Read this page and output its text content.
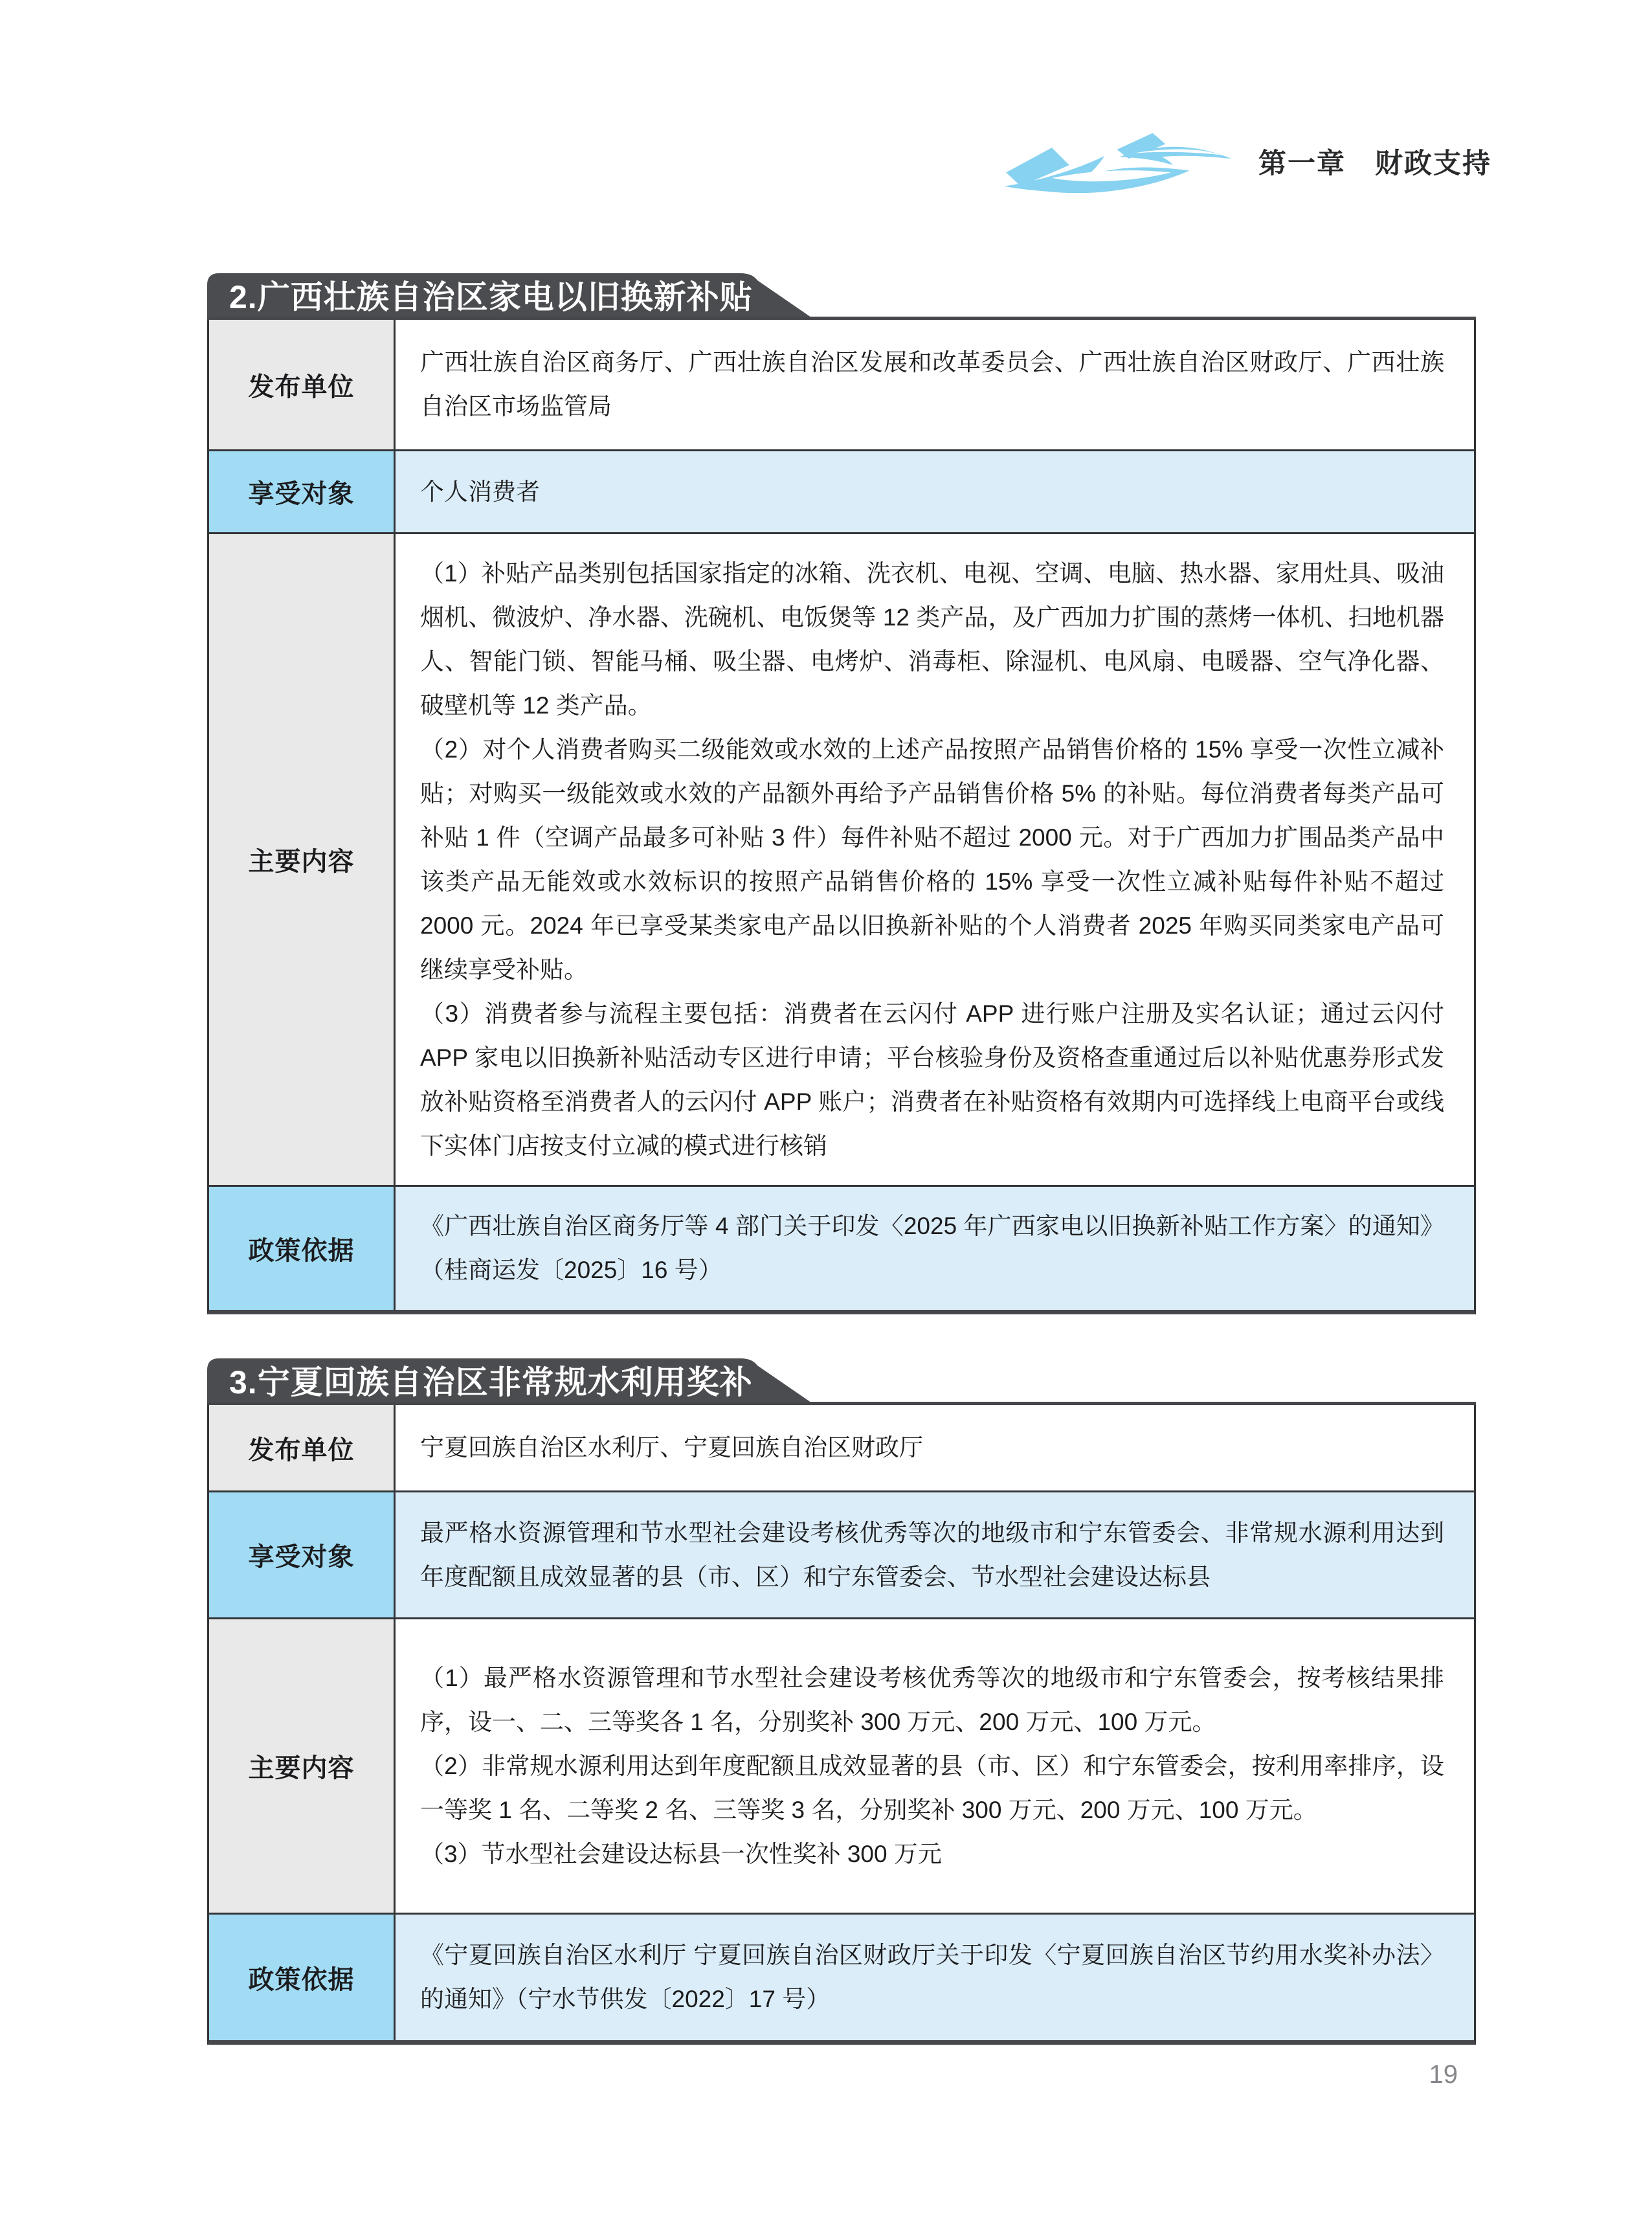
第一章　财政支持
2.广西壮族自治区家电以旧换新补贴
发布单位

广西壮族自治区商务厅、广西壮族自治区发展和改革委员会、广西壮族自治区财政厅、广西壮族自治区市场监管局

享受对象	个人消费者

主要内容

（1）补贴产品类别包括国家指定的冰箱、洗衣机、电视、空调、电脑、热水器、家用灶具、吸油烟机、微波炉、净水器、洗碗机、电饭煲等 12 类产品，及广西加力扩围的蒸烤一体机、扫地机器人、智能门锁、智能马桶、吸尘器、电烤炉、消毒柜、除湿机、电风扇、电暖器、空气净化器、破壁机等 12 类产品。

（2）对个人消费者购买二级能效或水效的上述产品按照产品销售价格的 15% 享受一次性立减补贴；对购买一级能效或水效的产品额外再给予产品销售价格 5% 的补贴。每位消费者每类产品可补贴 1 件（空调产品最多可补贴 3 件）每件补贴不超过 2000 元。对于广西加力扩围品类产品中该类产品无能效或水效标识的按照产品销售价格的 15% 享受一次性立减补贴每件补贴不超过 2000 元。2024 年已享受某类家电产品以旧换新补贴的个人消费者 2025 年购买同类家电产品可继续享受补贴。

（3）消费者参与流程主要包括：消费者在云闪付 APP 进行账户注册及实名认证；通过云闪付 APP 家电以旧换新补贴活动专区进行申请；平台核验身份及资格查重通过后以补贴优惠券形式发放补贴资格至消费者人的云闪付 APP 账户；消费者在补贴资格有效期内可选择线上电商平台或线下实体门店按支付立减的模式进行核销

政策依据

《广西壮族自治区商务厅等 4 部门关于印发〈2025 年广西家电以旧换新补贴工作方案〉的通知》（桂商运发〔2025〕16 号）

3.宁夏回族自治区非常规水利用奖补
发布单位	宁夏回族自治区水利厅、宁夏回族自治区财政厅

享受对象

最严格水资源管理和节水型社会建设考核优秀等次的地级市和宁东管委会、非常规水源利用达到年度配额且成效显著的县（市、区）和宁东管委会、节水型社会建设达标县

主要内容

（1）最严格水资源管理和节水型社会建设考核优秀等次的地级市和宁东管委会，按考核结果排序，设一、二、三等奖各 1 名，分别奖补 300 万元、200 万元、100 万元。

（2）非常规水源利用达到年度配额且成效显著的县（市、区）和宁东管委会，按利用率排序，设一等奖 1 名、二等奖 2 名、三等奖 3 名，分别奖补 300 万元、200 万元、100 万元。

（3）节水型社会建设达标县一次性奖补 300 万元

政策依据

《宁夏回族自治区水利厅 宁夏回族自治区财政厅关于印发〈宁夏回族自治区节约用水奖补办法〉的通知》（宁水节供发〔2022〕17 号）

19
